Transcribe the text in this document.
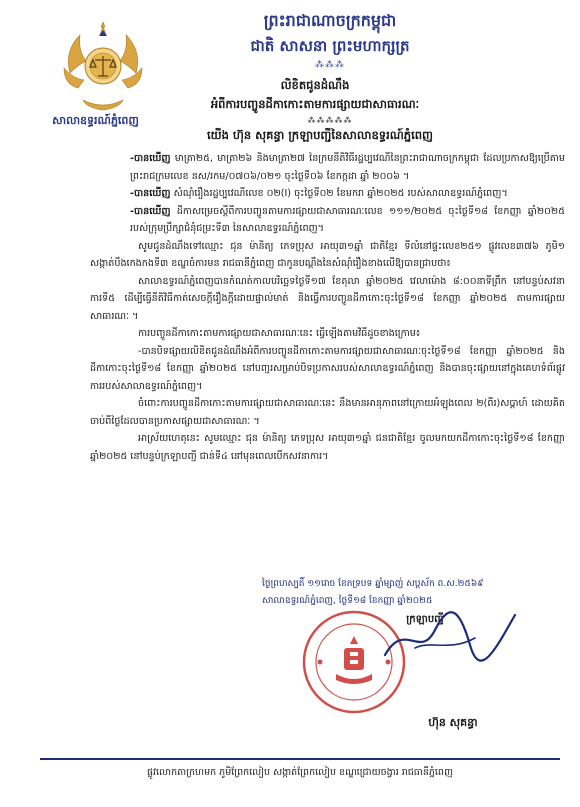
សាលាឧទ្ធរណ៍ភ្នំពេញ
ព្រះរាជាណាចក្រកម្ពុជា
ជាតិ សាសនា ព្រះមហាក្សត្រ
⁂⁂⁂
លិខិតជូនដំណឹង
អំពីការបញ្ចូនដីកាកោះតាមការផ្សាយជាសាធារណៈ
⁂⁂⁂⁂⁂
យើង ហ៊ុន សុគន្ធា ក្រឡាបញ្ជីនៃសាលាឧទ្ធរណ៍ភ្នំពេញ

-បានឃើញ មាត្រា២៥, មាត្រា២៦ និងមាត្រា២៧ នៃក្រមនីតិវិធីរដ្ឋប្បវេណីនៃព្រះរាជាណាចក្រកម្ពុជា ដែលប្រកាសឱ្យប្រើតាមព្រះរាជក្រមលេខ នស/រកម/០៧០៦/០២១ ចុះថ្ងៃទី០៦ ខែកក្កដា ឆ្នាំ ២០០៦ ។

-បានឃើញ សំណុំរឿងរដ្ឋប្បវេណីលេខ ០២(I) ចុះថ្ងៃទី០២ ខែមករា ឆ្នាំ២០២៥ របស់សាលាឧទ្ធរណ៍ភ្នំពេញ។

-បានឃើញ ដីកាសម្រេចស្ដីពីការបញ្ចូនតាមការផ្សាយជាសាធារណៈលេខ ១១១/២០២៥ ចុះថ្ងៃទី១៨ ខែកញ្ញា ឆ្នាំ២០២៥ របស់ក្រុមប្រឹក្សាជំនុំជម្រះទី៣ នៃសាលាឧទ្ធរណ៍ភ្នំពេញ។

សូមជូនដំណឹងទៅឈ្មោះ ជុន ម៉ានិត្យ ភេទប្រុស អាយុ៣១ឆ្នាំ ជាតិខ្មែរ ទីលំនៅផ្ទះលេខ២៥១ ផ្លូវលេខ៣៧៦ ភូមិ១ សង្កាត់បឹងកេងកងទី៣ ខណ្ឌចំការមន រាជធានីភ្នំពេញ ជាកូនបណ្ដឹងនៃសំណុំរឿងខាងលើឱ្យបានជ្រាបថា៖

សាលាឧទ្ធរណ៍ភ្នំពេញបានកំណត់កាលបរិច្ឆេទថ្ងៃទី១៧ ខែតុលា ឆ្នាំ២០២៥ វេលាម៉ោង ៨:០០នាទីព្រឹក នៅបន្ទប់សវនាការទី៥ ដើម្បីធ្វើនីតិវិធីកាត់សេចក្ដីរឿងក្ដីដោយផ្ទាល់មាត់ និងធ្វើការបញ្ចូនដីកាកោះចុះថ្ងៃទី១៨ ខែកញ្ញា ឆ្នាំ២០២៥ តាមការផ្សាយសាធារណៈ ។

ការបញ្ចូនដីកាកោះតាមការផ្សាយជាសាធារណៈនេះ ធ្វើឡើងតាមវិធីដូចខាងក្រោម៖

-បានបិទផ្សាយលិខិតជូនដំណឹងអំពីការបញ្ចូនដីកាកោះតាមការផ្សាយជាសាធារណៈចុះថ្ងៃទី១៨ ខែកញ្ញា ឆ្នាំ២០២៥ និងដីកាកោះចុះថ្ងៃទី១៨ ខែកញ្ញា ឆ្នាំ២០២៥ នៅបញ្ជរសម្រាប់បិទប្រកាសរបស់សាលាឧទ្ធរណ៍ភ្នំពេញ និងបានចុះផ្សាយនៅក្នុងគេហទំព័រផ្លូវការរបស់សាលាឧទ្ធរណ៍ភ្នំពេញ។

ចំពោះការបញ្ចូនដីកាកោះតាមការផ្សាយជាសាធារណៈនេះ នឹងមានអានុភាពនៅក្រោយអំឡុងពេល ២(ពីរ)សប្ដាហ៍ ដោយគិតចាប់ពីថ្ងៃដែលបានប្រកាសផ្សាយជាសាធារណៈ ។

អាស្រ័យហេតុនេះ សូមឈ្មោះ ជុន ម៉ានិត្យ ភេទប្រុស អាយុ៣១ឆ្នាំ ជនជាតិខ្មែរ ចូលមកយកដីកាកោះចុះថ្ងៃទី១៨ ខែកញ្ញា ឆ្នាំ២០២៥ នៅបន្ទប់ក្រឡាបញ្ជី ជាន់ទី៤ នៅមុនពេលបើកសវនាការ។

ថ្ងៃព្រហស្បតិ៍ ១១រោច ខែភទ្របទ ឆ្នាំម្សាញ់ សប្តស័ក ព.ស.២៥៦៩
សាលាឧទ្ធរណ៍ភ្នំពេញ, ថ្ងៃទី១៨ ខែកញ្ញា ឆ្នាំ២០២៥
ក្រឡាបញ្ជី
ហ៊ុន សុគន្ធា
ផ្លូវលោកតាក្រហមក ភូមិព្រែកលៀប សង្កាត់ព្រែកលៀប ខណ្ឌជ្រោយចង្វារ រាជធានីភ្នំពេញ
